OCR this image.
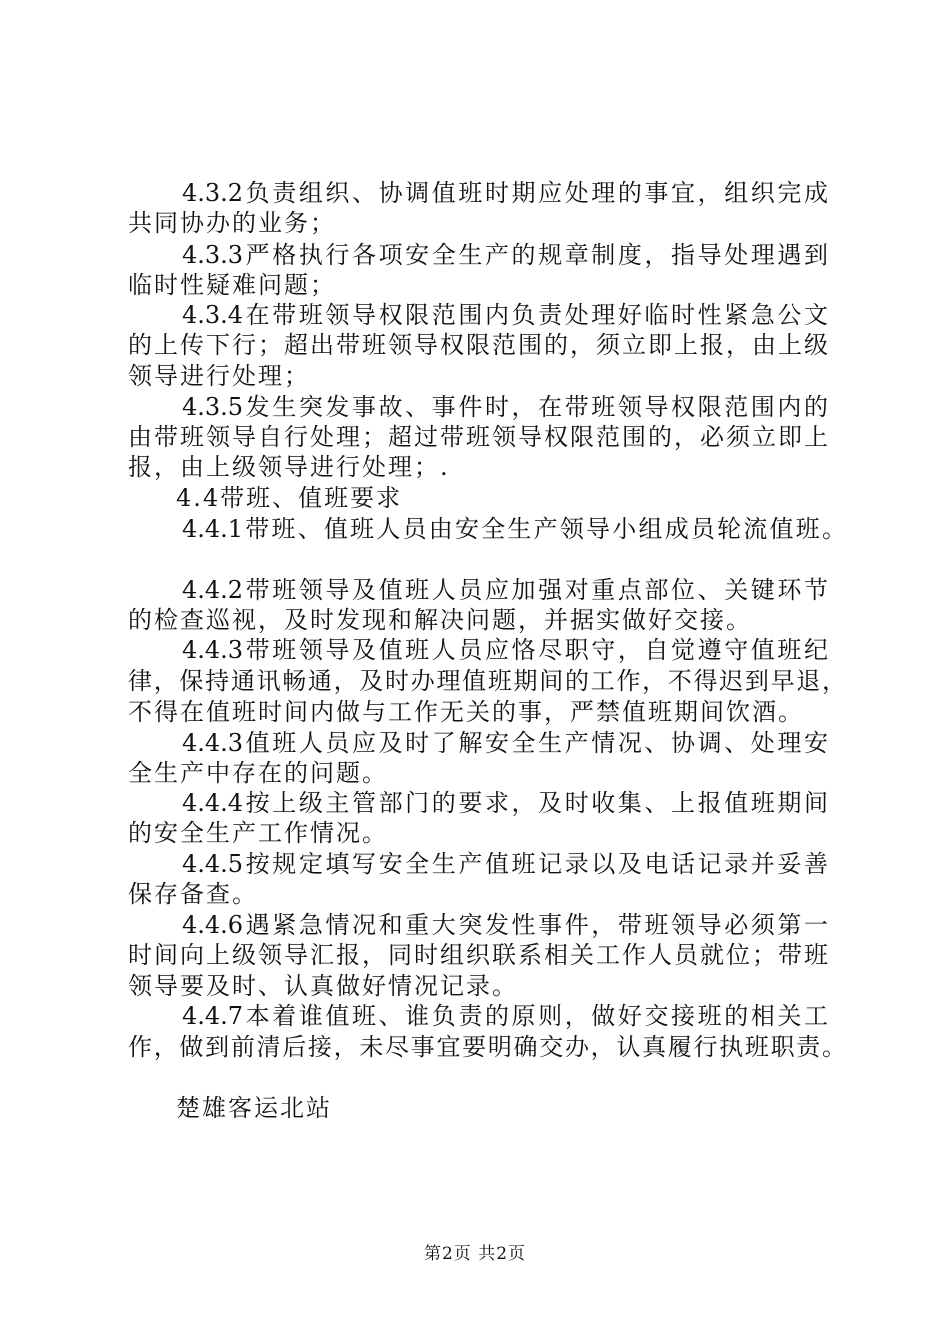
4.3.2负责组织、协调值班时期应处理的事宜，组织完成
共同协办的业务；
4.3.3严格执行各项安全生产的规章制度，指导处理遇到
临时性疑难问题；
4.3.4在带班领导权限范围内负责处理好临时性紧急公文
的上传下行；超出带班领导权限范围的，须立即上报，由上级
领导进行处理；
4.3.5发生突发事故、事件时，在带班领导权限范围内的
由带班领导自行处理；超过带班领导权限范围的，必须立即上
报，由上级领导进行处理；.
4.4带班、值班要求
4.4.1带班、值班人员由安全生产领导小组成员轮流值班。
4.4.2带班领导及值班人员应加强对重点部位、关键环节
的检查巡视，及时发现和解决问题，并据实做好交接。
4.4.3带班领导及值班人员应恪尽职守，自觉遵守值班纪
律，保持通讯畅通，及时办理值班期间的工作，不得迟到早退，
不得在值班时间内做与工作无关的事，严禁值班期间饮酒。
4.4.3值班人员应及时了解安全生产情况、协调、处理安
全生产中存在的问题。
4.4.4按上级主管部门的要求，及时收集、上报值班期间
的安全生产工作情况。
4.4.5按规定填写安全生产值班记录以及电话记录并妥善
保存备查。
4.4.6遇紧急情况和重大突发性事件，带班领导必须第一
时间向上级领导汇报，同时组织联系相关工作人员就位；带班
领导要及时、认真做好情况记录。
4.4.7本着谁值班、谁负责的原则，做好交接班的相关工
作，做到前清后接，未尽事宜要明确交办，认真履行执班职责。
楚雄客运北站
第2页 共2页
